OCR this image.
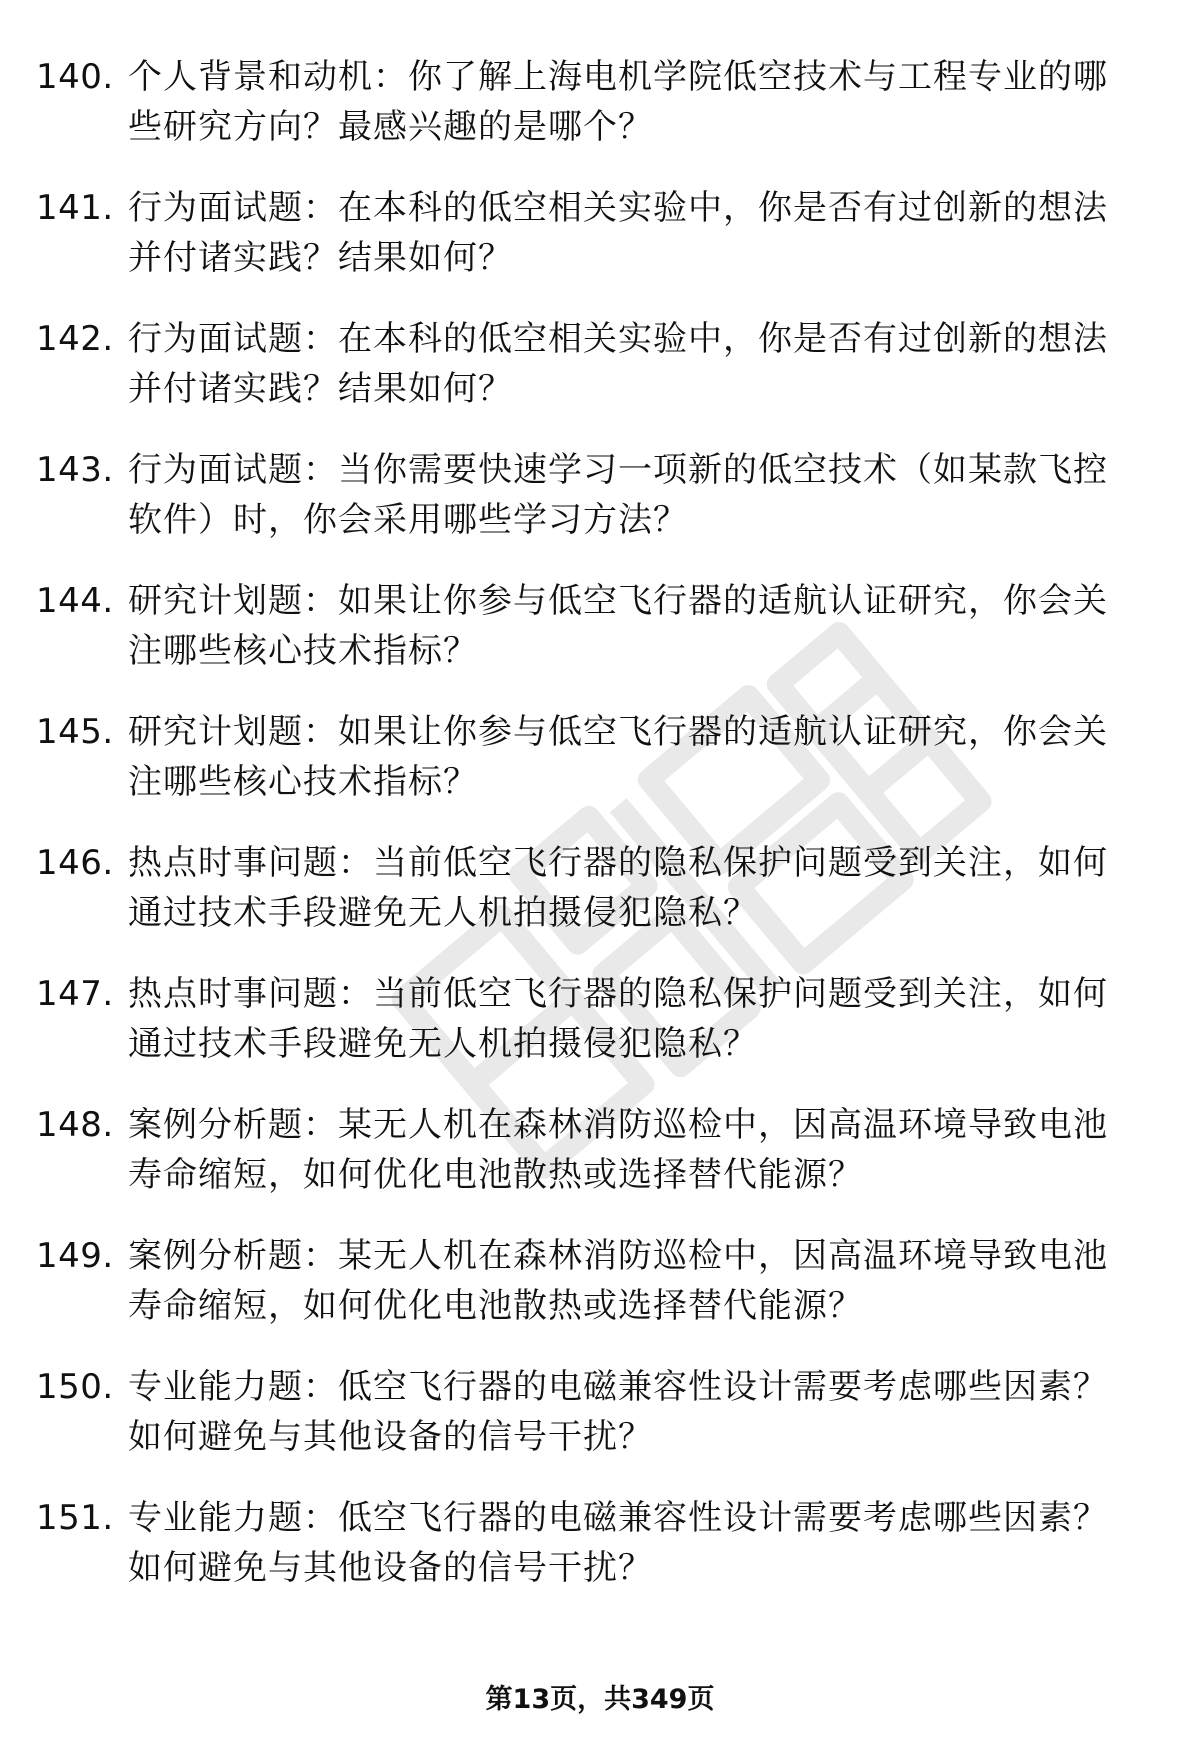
140. 个人背景和动机：你了解上海电机学院低空技术与工程专业的哪些研究方向？最感兴趣的是哪个？
141. 行为面试题：在本科的低空相关实验中，你是否有过创新的想法并付诸实践？结果如何？
142. 行为面试题：在本科的低空相关实验中，你是否有过创新的想法并付诸实践？结果如何？
143. 行为面试题：当你需要快速学习一项新的低空技术（如某款飞控软件）时，你会采用哪些学习方法？
144. 研究计划题：如果让你参与低空飞行器的适航认证研究，你会关注哪些核心技术指标？
145. 研究计划题：如果让你参与低空飞行器的适航认证研究，你会关注哪些核心技术指标？
146. 热点时事问题：当前低空飞行器的隐私保护问题受到关注，如何通过技术手段避免无人机拍摄侵犯隐私？
147. 热点时事问题：当前低空飞行器的隐私保护问题受到关注，如何通过技术手段避免无人机拍摄侵犯隐私？
148. 案例分析题：某无人机在森林消防巡检中，因高温环境导致电池寿命缩短，如何优化电池散热或选择替代能源？
149. 案例分析题：某无人机在森林消防巡检中，因高温环境导致电池寿命缩短，如何优化电池散热或选择替代能源？
150. 专业能力题：低空飞行器的电磁兼容性设计需要考虑哪些因素？如何避免与其他设备的信号干扰？
151. 专业能力题：低空飞行器的电磁兼容性设计需要考虑哪些因素？如何避免与其他设备的信号干扰？
第13页，共349页
